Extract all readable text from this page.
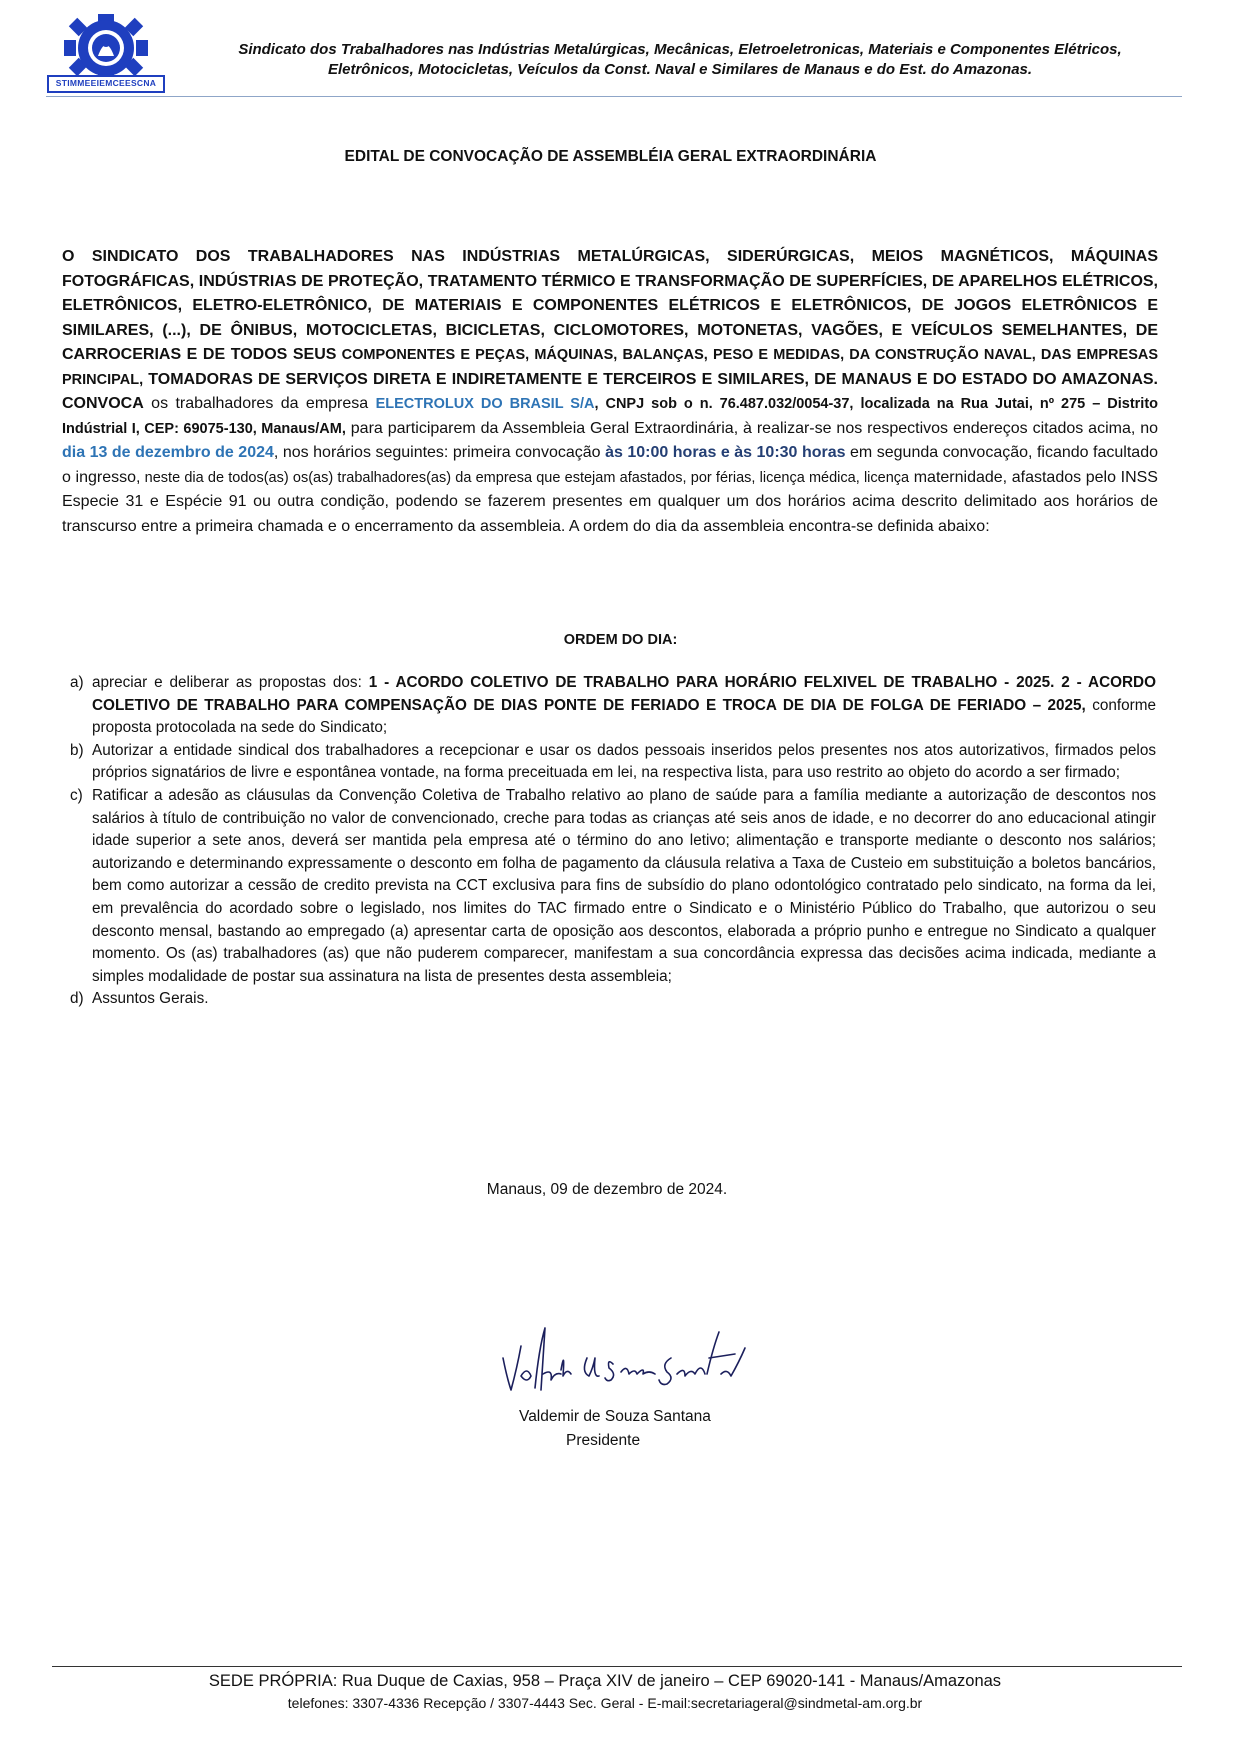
STIMMEEIEMCEESCNA
Sindicato dos Trabalhadores nas Indústrias Metalúrgicas, Mecânicas, Eletroeletronicas, Materiais e Componentes Elétricos,
Eletrônicos, Motocicletas, Veículos da Const. Naval e Similares de Manaus e do Est. do Amazonas.
EDITAL DE CONVOCAÇÃO DE ASSEMBLÉIA GERAL EXTRAORDINÁRIA
O SINDICATO DOS TRABALHADORES NAS INDÚSTRIAS METALÚRGICAS, SIDERÚRGICAS, MEIOS MAGNÉTICOS, MÁQUINAS FOTOGRÁFICAS, INDÚSTRIAS DE PROTEÇÃO, TRATAMENTO TÉRMICO E TRANSFORMAÇÃO DE SUPERFÍCIES, DE APARELHOS ELÉTRICOS, ELETRÔNICOS, ELETRO-ELETRÔNICO, DE MATERIAIS E COMPONENTES ELÉTRICOS E ELETRÔNICOS, DE JOGOS ELETRÔNICOS E SIMILARES, (...), DE ÔNIBUS, MOTOCICLETAS, BICICLETAS, CICLOMOTORES, MOTONETAS, VAGÕES, E VEÍCULOS SEMELHANTES, DE CARROCERIAS E DE TODOS SEUS COMPONENTES E PEÇAS, MÁQUINAS, BALANÇAS, PESO E MEDIDAS, DA CONSTRUÇÃO NAVAL, DAS EMPRESAS PRINCIPAL, TOMADORAS DE SERVIÇOS DIRETA E INDIRETAMENTE E TERCEIROS E SIMILARES, DE MANAUS E DO ESTADO DO AMAZONAS. CONVOCA os trabalhadores da empresa ELECTROLUX DO BRASIL S/A, CNPJ sob o n. 76.487.032/0054-37, localizada na Rua Jutai, nº 275 – Distrito Indústrial I, CEP: 69075-130, Manaus/AM, para participarem da Assembleia Geral Extraordinária, à realizar-se nos respectivos endereços citados acima, no dia 13 de dezembro de 2024, nos horários seguintes: primeira convocação às 10:00 horas e às 10:30 horas em segunda convocação, ficando facultado o ingresso, neste dia de todos(as) os(as) trabalhadores(as) da empresa que estejam afastados, por férias, licença médica, licença maternidade, afastados pelo INSS Especie 31 e Espécie 91 ou outra condição, podendo se fazerem presentes em qualquer um dos horários acima descrito delimitado aos horários de transcurso entre a primeira chamada e o encerramento da assembleia. A ordem do dia da assembleia encontra-se definida abaixo:
ORDEM DO DIA:
a) apreciar e deliberar as propostas dos: 1 - ACORDO COLETIVO DE TRABALHO PARA HORÁRIO FELXIVEL DE TRABALHO - 2025. 2 - ACORDO COLETIVO DE TRABALHO PARA COMPENSAÇÃO DE DIAS PONTE DE FERIADO E TROCA DE DIA DE FOLGA DE FERIADO – 2025, conforme proposta protocolada na sede do Sindicato;
b) Autorizar a entidade sindical dos trabalhadores a recepcionar e usar os dados pessoais inseridos pelos presentes nos atos autorizativos, firmados pelos próprios signatários de livre e espontânea vontade, na forma preceituada em lei, na respectiva lista, para uso restrito ao objeto do acordo a ser firmado;
c) Ratificar a adesão as cláusulas da Convenção Coletiva de Trabalho relativo ao plano de saúde para a família mediante a autorização de descontos nos salários à título de contribuição no valor de convencionado, creche para todas as crianças até seis anos de idade, e no decorrer do ano educacional atingir idade superior a sete anos, deverá ser mantida pela empresa até o término do ano letivo; alimentação e transporte mediante o desconto nos salários; autorizando e determinando expressamente o desconto em folha de pagamento da cláusula relativa a Taxa de Custeio em substituição a boletos bancários, bem como autorizar a cessão de credito prevista na CCT exclusiva para fins de subsídio do plano odontológico contratado pelo sindicato, na forma da lei, em prevalência do acordado sobre o legislado, nos limites do TAC firmado entre o Sindicato e o Ministério Público do Trabalho, que autorizou o seu desconto mensal, bastando ao empregado (a) apresentar carta de oposição aos descontos, elaborada a próprio punho e entregue no Sindicato a qualquer momento. Os (as) trabalhadores (as) que não puderem comparecer, manifestam a sua concordância expressa das decisões acima indicada, mediante a simples modalidade de postar sua assinatura na lista de presentes desta assembleia;
d) Assuntos Gerais.
Manaus, 09 de dezembro de 2024.
Valdemir de Souza Santana
Presidente
SEDE PRÓPRIA: Rua Duque de Caxias, 958 – Praça XIV de janeiro – CEP 69020-141 - Manaus/Amazonas
telefones: 3307-4336 Recepção / 3307-4443 Sec. Geral - E-mail:secretariageral@sindmetal-am.org.br
